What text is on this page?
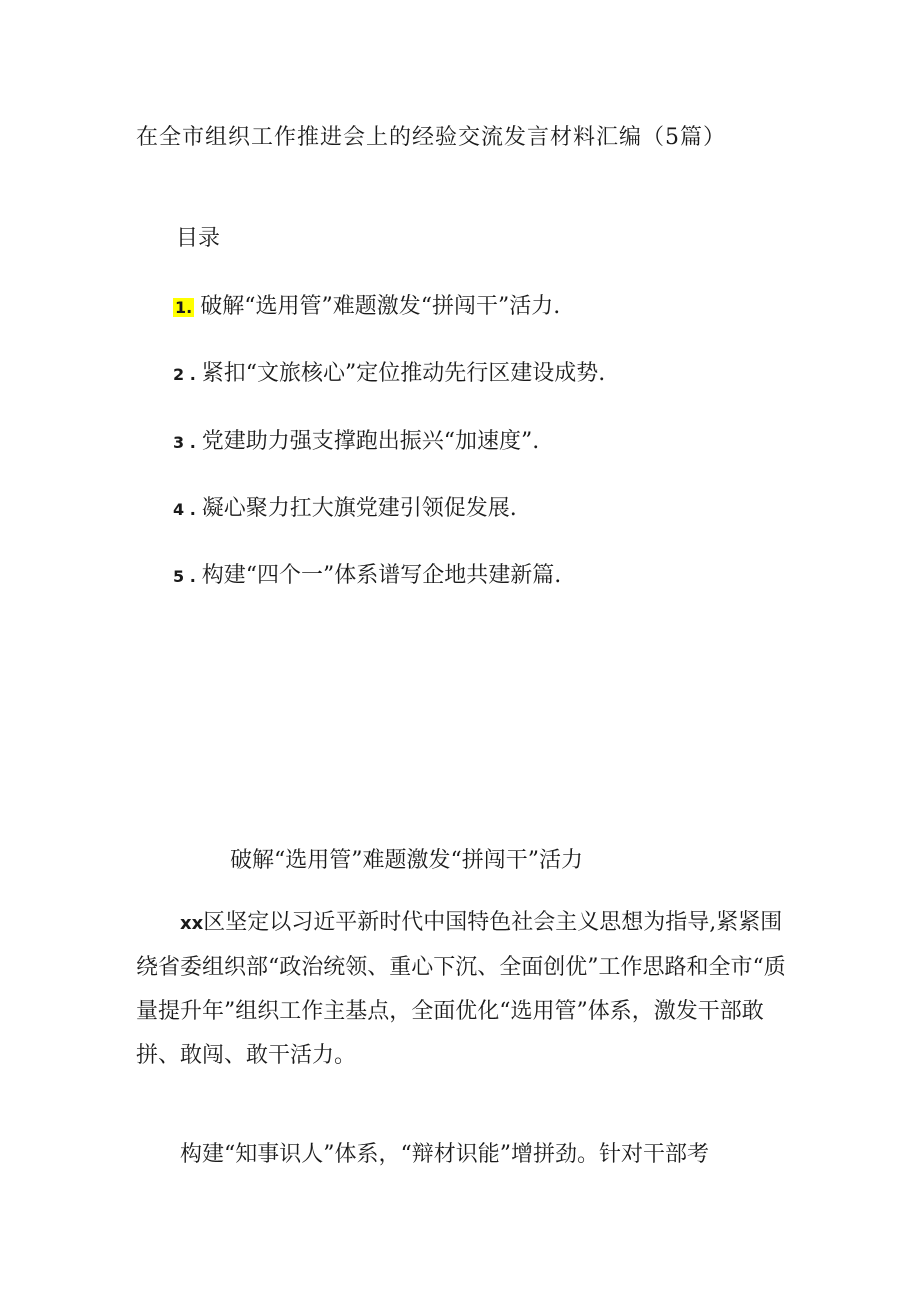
在全市组织工作推进会上的经验交流发言材料汇编（5篇）
目录
1. 破解“选用管”难题激发“拼闯干”活力.
2 . 紧扣“文旅核心”定位推动先行区建设成势.
3 . 党建助力强支撑跑出振兴“加速度”.
4 . 凝心聚力扛大旗党建引领促发展.
5 . 构建“四个一”体系谱写企地共建新篇.
破解“选用管”难题激发“拼闯干”活力

xx区坚定以习近平新时代中国特色社会主义思想为指导,紧紧围绕省委组织部“政治统领、重心下沉、全面创优”工作思路和全市“质量提升年”组织工作主基点，全面优化“选用管”体系，激发干部敢拼、敢闯、敢干活力。

构建“知事识人”体系，“辩材识能”增拼劲。针对干部考
